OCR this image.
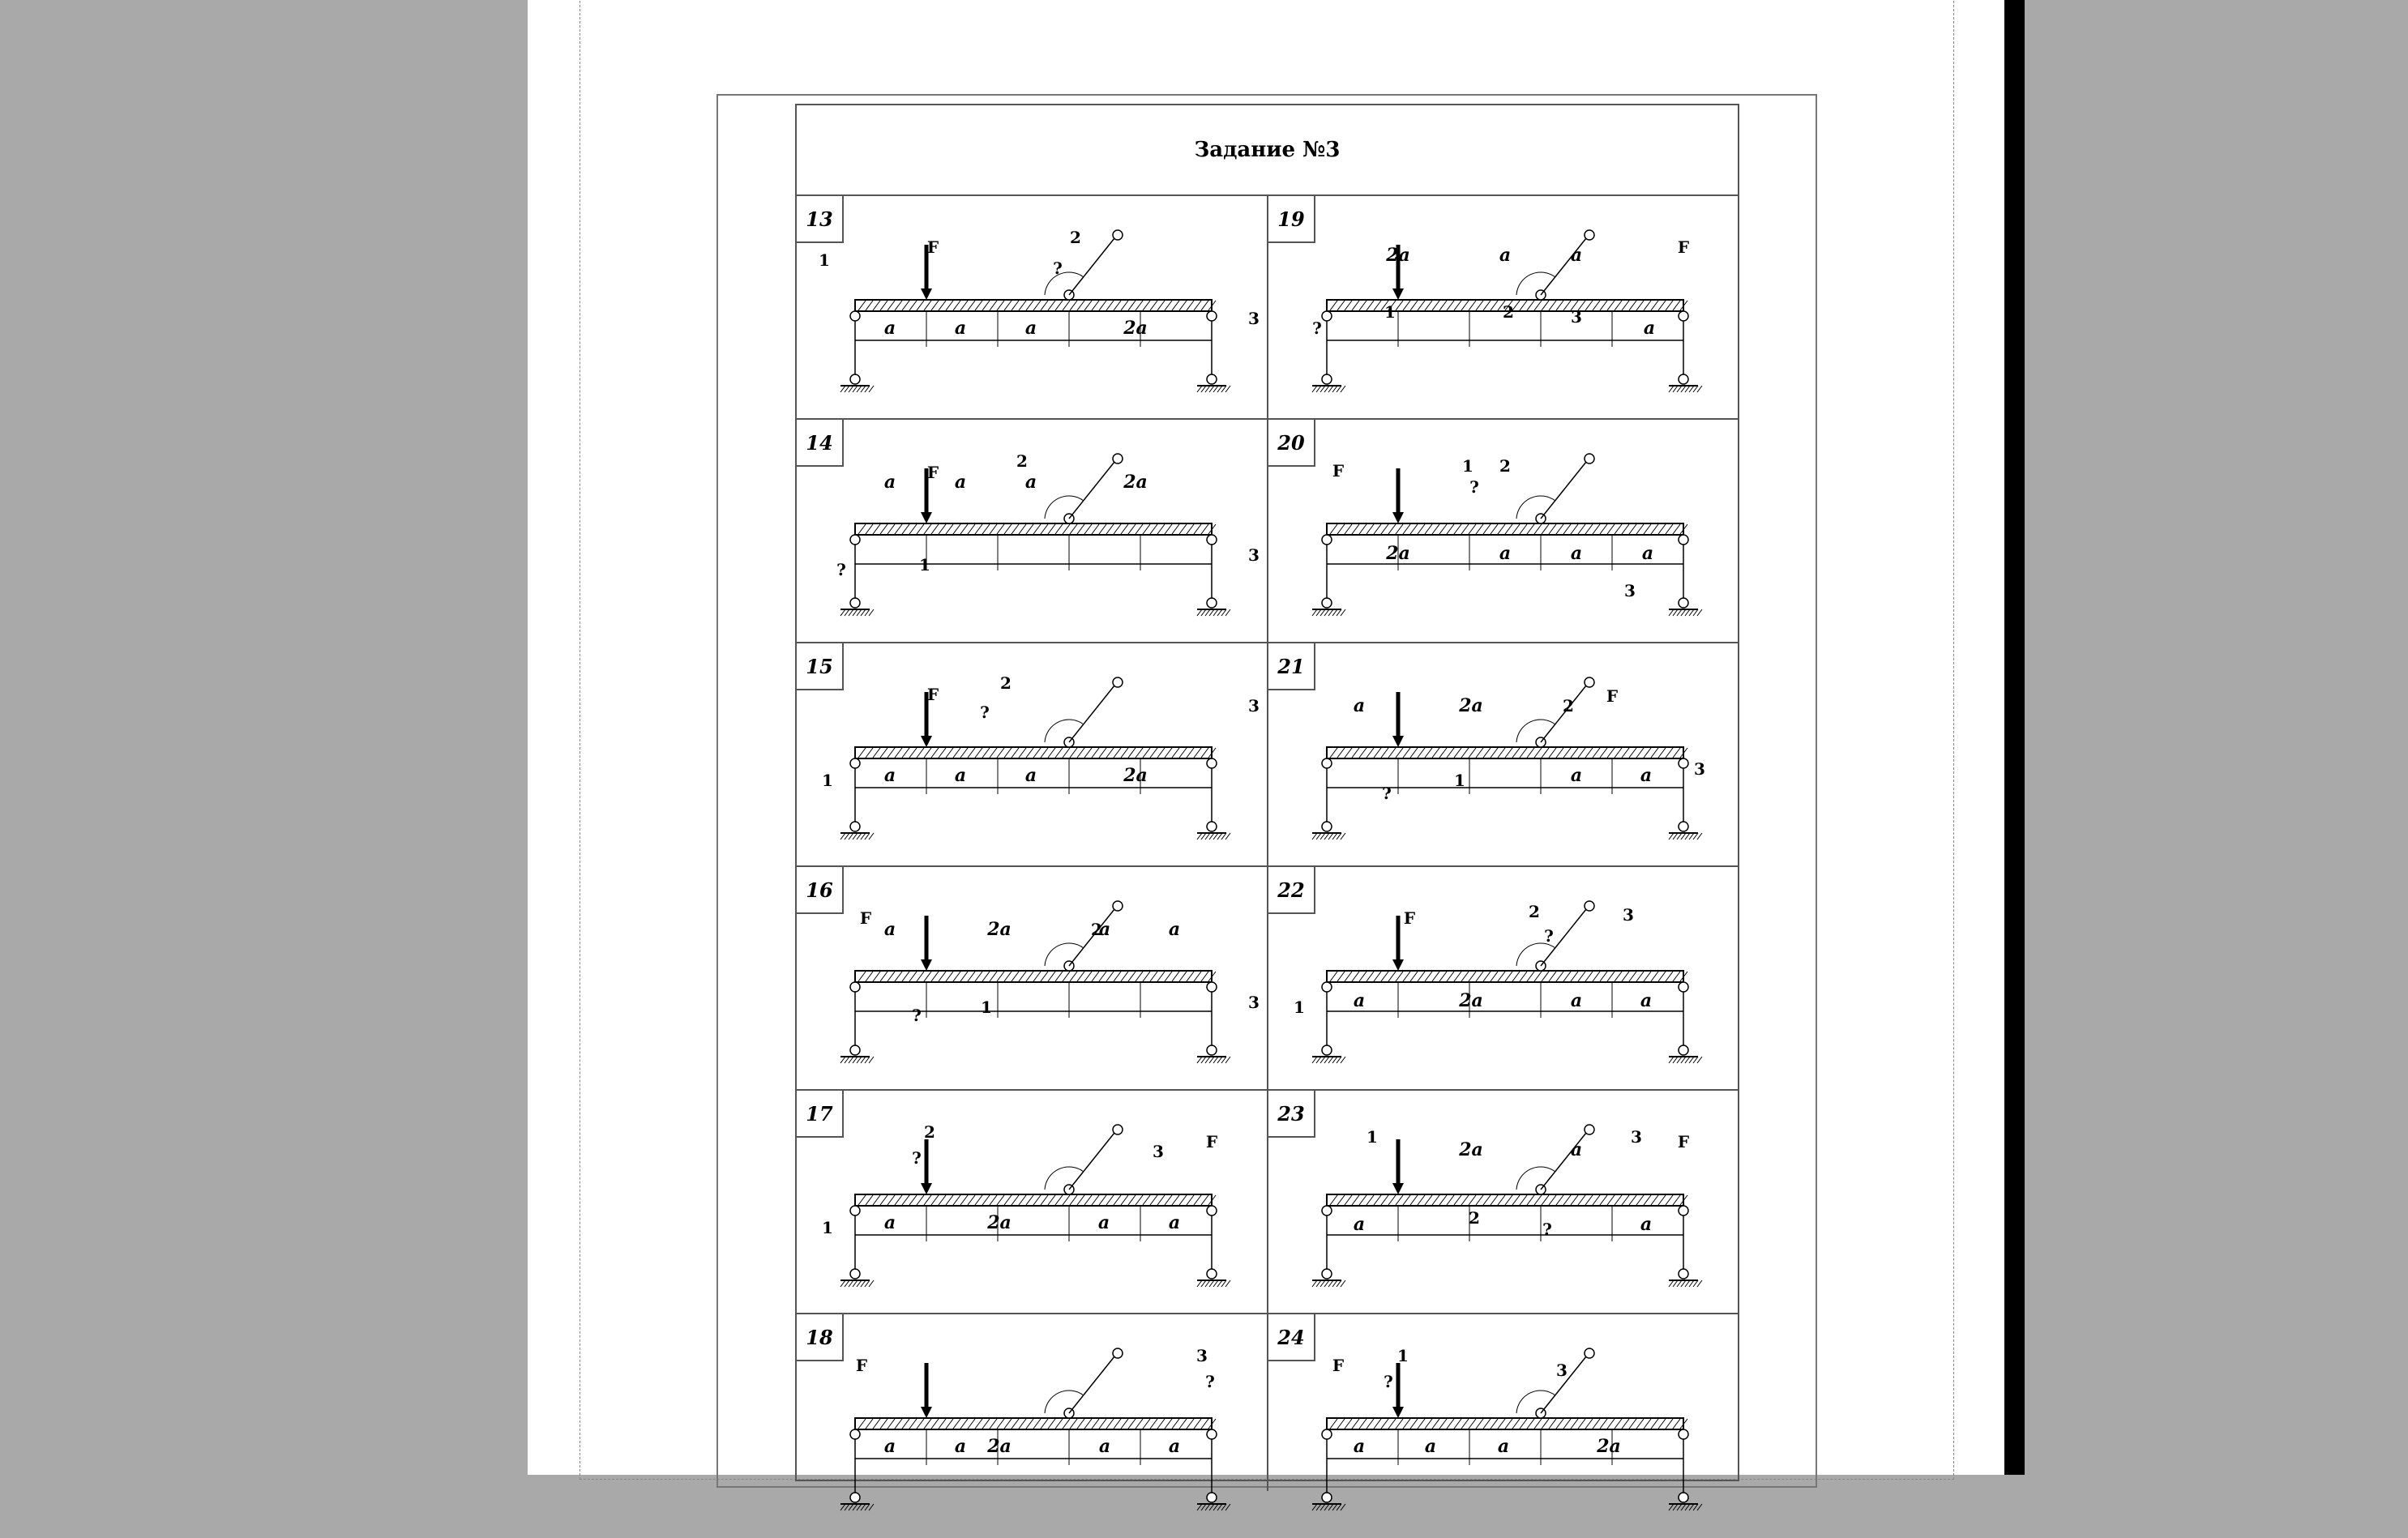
Задание №3
13
1
F	2
?
a	a	a	2a	3
19
2a	a	a	F
?
1	2	3
a
14
a F a	a	2a
2
?	1	3
20
F	1
?
2
2a	a	a	a
3
15
F
2
?	3
1	a	a	a	2a
21
a	2a	2 F
?
1	a	a	3
16
F
a	2a	2
a	a
?	1	3
22
F	2
?
3
1	a	2a	a	a
17
2
?	3	F
1	a	2a	a	a
23
1
2a	a
3 F
a	2
?	a
18
F	3
?
a	a 2a	a	a
24
F	1
?
3
a	a	a	2a
